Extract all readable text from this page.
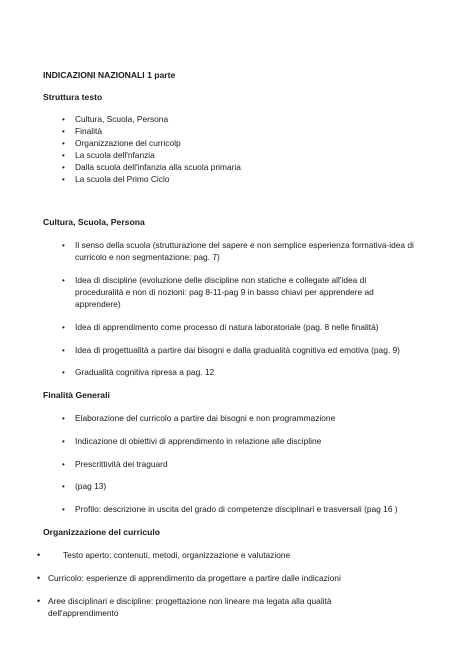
INDICAZIONI NAZIONALI 1 parte
Struttura testo
• Cultura, Scuola, Persona
• Finalità
• Organizzazione del curricolp
• La scuola dell'nfanzia
• Dalla scuola dell'infanzia alla scuola primaria
• La scuola del Primo Ciclo
Cultura, Scuola, Persona
• Il senso della scuola (strutturazione del sapere e non semplice esperienza formativa-idea di
curricolo e non segmentazione: pag. 7)
• Idea di discipline (evoluzione delle discipline non statiche e collegate all'idea di
proceduralità e non di nozioni: pag 8-11-pag 9 in basso chiavi per apprendere ad
apprendere)
• Idea di apprendimento come processo di natura laboratoriale (pag. 8 nelle finalità)
• Idea di progettualità a partire dai bisogni e dalla gradualità cognitiva ed emotiva (pag. 9)
• Gradualità cognitiva ripresa a pag. 12
Finalità Generali
• Elaborazione del curricolo a partire dai bisogni e non programmazione
• Indicazione di obiettivi di apprendimento in relazione alle discipline
• Prescrittività dei traguard
• (pag 13)
• Profilo: descrizione in uscita del grado di competenze disciplinari e trasversali (pag 16 )
Organizzazione del curriculo
•	Testo aperto: contenuti, metodi, organizzazione e valutazione
• Curricolo: esperienze di apprendimento da progettare a partire dalle indicazioni
• Aree disciplinari e discipline: progettazione non lineare ma legata alla qualità
dell'apprendimento
